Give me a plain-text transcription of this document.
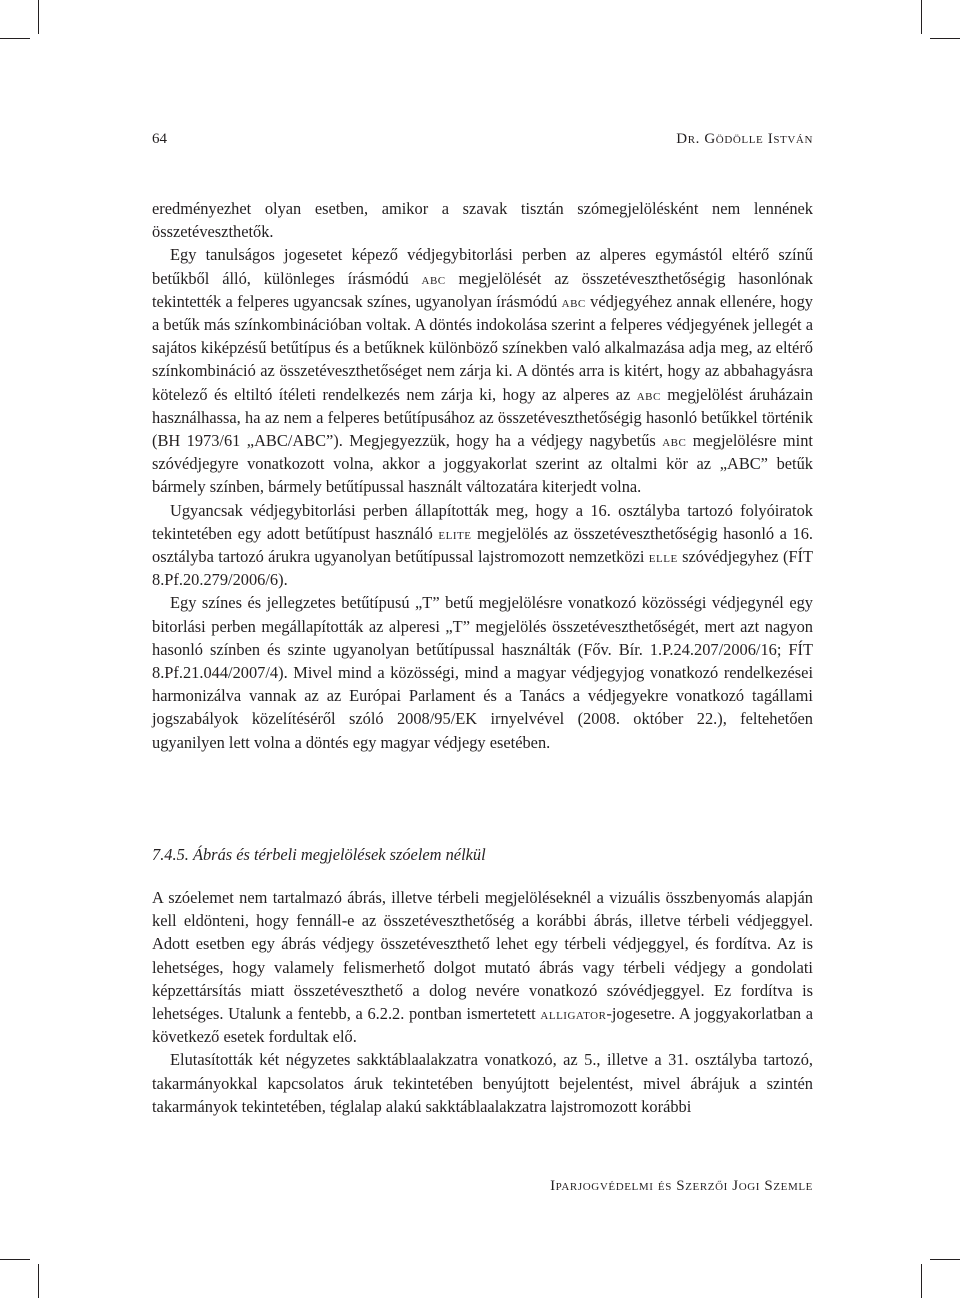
64	Dr. Gödölle István

eredményezhet olyan esetben, amikor a szavak tisztán szómegjelölésként nem lennének összetéveszthetők.

Egy tanulságos jogesetet képező védjegybitorlási perben az alperes egymástól eltérő színű betűkből álló, különleges írásmódú abc megjelölését az összetéveszthetőségig hasonlónak tekintették a felperes ugyancsak színes, ugyanolyan írásmódú abc védjegyéhez annak ellenére, hogy a betűk más színkombinációban voltak. A döntés indokolása szerint a felperes védjegyének jellegét a sajátos kiképzésű betűtípus és a betűknek különböző színekben való alkalmazása adja meg, az eltérő színkombináció az összetéveszthetőséget nem zárja ki. A döntés arra is kitért, hogy az abbahagyásra kötelező és eltiltó ítéleti rendelkezés nem zárja ki, hogy az alperes az abc megjelölést áruházain használhassa, ha az nem a felperes betűtípusához az összetéveszthetőségig hasonló betűkkel történik (BH 1973/61 „ABC/ABC”). Megjegyezzük, hogy ha a védjegy nagybetűs abc megjelölésre mint szóvédjegyre vonatkozott volna, akkor a joggyakorlat szerint az oltalmi kör az „ABC” betűk bármely színben, bármely betűtípussal használt változatára kiterjedt volna.

Ugyancsak védjegybitorlási perben állapították meg, hogy a 16. osztályba tartozó folyóiratok tekintetében egy adott betűtípust használó elite megjelölés az összetéveszthetőségig hasonló a 16. osztályba tartozó árukra ugyanolyan betűtípussal lajstromozott nemzetközi elle szóvédjegyhez (FÍT 8.Pf.20.279/2006/6).

Egy színes és jellegzetes betűtípusú „T” betű megjelölésre vonatkozó közösségi védjegynél egy bitorlási perben megállapították az alperesi „T” megjelölés összetéveszthetőségét, mert azt nagyon hasonló színben és szinte ugyanolyan betűtípussal használták (Főv. Bír. 1.P.24.207/2006/16; FÍT 8.Pf.21.044/2007/4). Mivel mind a közösségi, mind a magyar védjegyjog vonatkozó rendelkezései harmonizálva vannak az az Európai Parlament és a Tanács a védjegyekre vonatkozó tagállami jogszabályok közelítéséről szóló 2008/95/EK irnyelvével (2008. október 22.), feltehetően ugyanilyen lett volna a döntés egy magyar védjegy esetében.

7.4.5. Ábrás és térbeli megjelölések szóelem nélkül

A szóelemet nem tartalmazó ábrás, illetve térbeli megjelöléseknél a vizuális összbenyomás alapján kell eldönteni, hogy fennáll-e az összetéveszthetőség a korábbi ábrás, illetve térbeli védjeggyel. Adott esetben egy ábrás védjegy összetéveszthető lehet egy térbeli védjeggyel, és fordítva. Az is lehetséges, hogy valamely felismerhető dolgot mutató ábrás vagy térbeli védjegy a gondolati képzettársítás miatt összetéveszthető a dolog nevére vonatkozó szóvédjeggyel. Ez fordítva is lehetséges. Utalunk a fentebb, a 6.2.2. pontban ismertetett alligator-jogesetre. A joggyakorlatban a következő esetek fordultak elő.

Elutasították két négyzetes sakktáblaalakzatra vonatkozó, az 5., illetve a 31. osztályba tartozó, takarmányokkal kapcsolatos áruk tekintetében benyújtott bejelentést, mivel ábrájuk a szintén takarmányok tekintetében, téglalap alakú sakktáblaalakzatra lajstromozott korábbi

Iparjogvédelmi és Szerzői Jogi Szemle
